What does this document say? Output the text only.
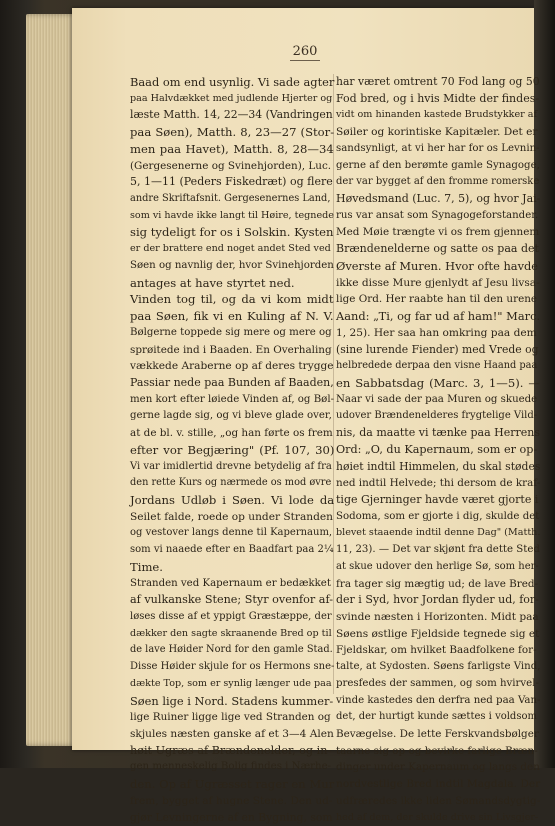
260
Baad om end usynlig. Vi sade agter
paa Halvdækket med judlende Hjerter og
læste Matth. 14, 22—34 (Vandringen
paa Søen), Matth. 8, 23—27 (Stor-
men paa Havet), Matth. 8, 28—34
(Gergesenerne og Svinehjorden), Luc.
5, 1—11 (Peders Fiskedræt) og flere
andre Skriftafsnit. Gergesenernes Land,
som vi havde ikke langt til Høire, tegnede
sig tydeligt for os i Solskin. Kysten
er der brattere end noget andet Sted ved
Søen og navnlig der, hvor Svinehjorden
antages at have styrtet ned.
Vinden tog til, og da vi kom midt
paa Søen, fik vi en Kuling af N. V.
Bølgerne toppede sig mere og mere og
sprøitede ind i Baaden. En Overhaling
vækkede Araberne op af deres trygge
Passiar nede paa Bunden af Baaden,
men kort efter løiede Vinden af, og Bøl-
gerne lagde sig, og vi bleve glade over,
at de bl. v. stille, „og han førte os frem
efter vor Begjæring" (Pf. 107, 30)
Vi var imidlertid drevne betydelig af fra
den rette Kurs og nærmede os mod øvre
Jordans Udløb i Søen. Vi lode da
Seilet falde, roede op under Stranden
og vestover langs denne til Kapernaum,
som vi naaede efter en Baadfart paa 2¼
Time.
Stranden ved Kapernaum er bedækket
af vulkanske Stene; Styr ovenfor af-
løses disse af et yppigt Græstæppe, der
dækker den sagte skraanende Bred op til
de lave Høider Nord for den gamle Stad.
Disse Høider skjule for os Hermons sne-
dækte Top, som er synlig længer ude paa
Søen lige i Nord. Stadens kummer-
lige Ruiner ligge lige ved Stranden og
skjules næsten ganske af et 3—4 Alen
høit Ugræs af Brændenelder, og in-
gen menneskelig Bolig findes i Nærhe-
den. Op af Ugræsset rager en Mur
frem, bygget af hugne Stene. Den ud-
gjør Levningerne af en Bygning, som
har været omtrent 70 Fod lang og 50
Fod bred, og i hvis Midte der findes-
vidt om hinanden kastede Brudstykker af
Søiler og korintiske Kapitæler. Det er
sandsynligt, at vi her har for os Levnin-
gerne af den berømte gamle Synagoge,
der var bygget af den fromme romerske
Høvedsmand (Luc. 7, 5), og hvor Jai-
rus var ansat som Synagogeforstander.
Med Møie trængte vi os frem gjennem
Brændenelderne og satte os paa det
Øverste af Muren. Hvor ofte havde
ikke disse Mure gjenlydt af Jesu livsa-
lige Ord. Her raabte han til den urene
Aand: „Ti, og far ud af ham!" Marc.
1, 25). Her saa han omkring paa dem
(sine lurende Fiender) med Vrede og
helbredede derpaa den visne Haand paa
en Sabbatsdag (Marc. 3, 1—5). —
Naar vi sade der paa Muren og skuede
udover Brændenelderes frygtelige Vild-
nis, da maatte vi tænke paa Herrens
Ord: „O, du Kapernaum, som er op-
høiet indtil Himmelen, du skal stødes
ned indtil Helvede; thi dersom de kraf-
tige Gjerninger havde været gjorte i
Sodoma, som er gjorte i dig, skulde det
blevet staaende indtil denne Dag" (Matth.
11, 23). — Det var skjønt fra dette Sted
at skue udover den herlige Sø, som her-
fra tager sig mægtig ud; de lave Bred-
der i Syd, hvor Jordan flyder ud, for-
svinde næsten i Horizonten. Midt paa
Søens østlige Fjeldside tegnede sig et
Fjeldskar, om hvilket Baadfolkene for-
talte, at Sydosten. Søens farligste Vind,
presfedes der sammen, og som hvirvel-
vinde kastedes den derfra ned paa Van-
det, der hurtigt kunde sættes i voldsom
Bevægelse. De lette Ferskvandsbølger
taarne sig op og bevirke farlige Bræn-
dinger under Kapernaum og langs den
nordvestlige Bred indtil Magdala. Der
udfræredes ikke liden Sømandsdygtig-
hed af dem, der skulde drive sin Livsgjer-
